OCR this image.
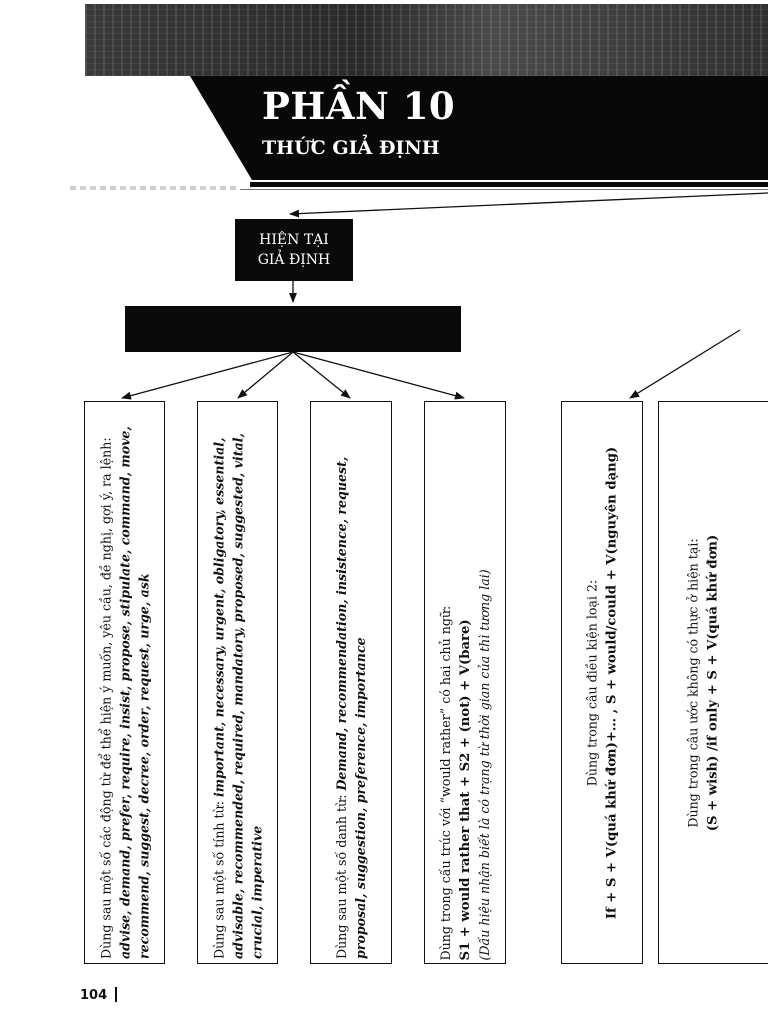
PHẦN 10
THỨC GIẢ ĐỊNH
HIỆN TẠI
GIẢ ĐỊNH
Dùng sau một số các động từ để thể hiện ý muốn, yêu cầu, đề nghị, gợi ý, ra lệnh: advise, demand, prefer, require, insist, propose, stipulate, command, move, recommend, suggest, decree, order, request, urge, ask	Dùng sau một số tính từ: important, necessary, urgent, obligatory, essential, advisable, recommended, required, mandatory, proposed, suggested, vital, crucial, imperative	Dùng sau một số danh từ: Demand, recommendation, insistence, request, proposal, suggestion, preference, importance	Dùng trong cấu trúc với “would rather” có hai chủ ngữ: S1 + would rather that + S2 + (not) + V(bare) (Dấu hiệu nhận biết là có trạng từ thời gian của thì tương lai)	Dùng trong câu điều kiện loại 2: If + S + V(quá khứ đơn)+… , S + would/could + V(nguyên dạng)	Dùng trong câu ước không có thực ở hiện tại: (S + wish) /if only + S + V(quá khứ đơn)
104
